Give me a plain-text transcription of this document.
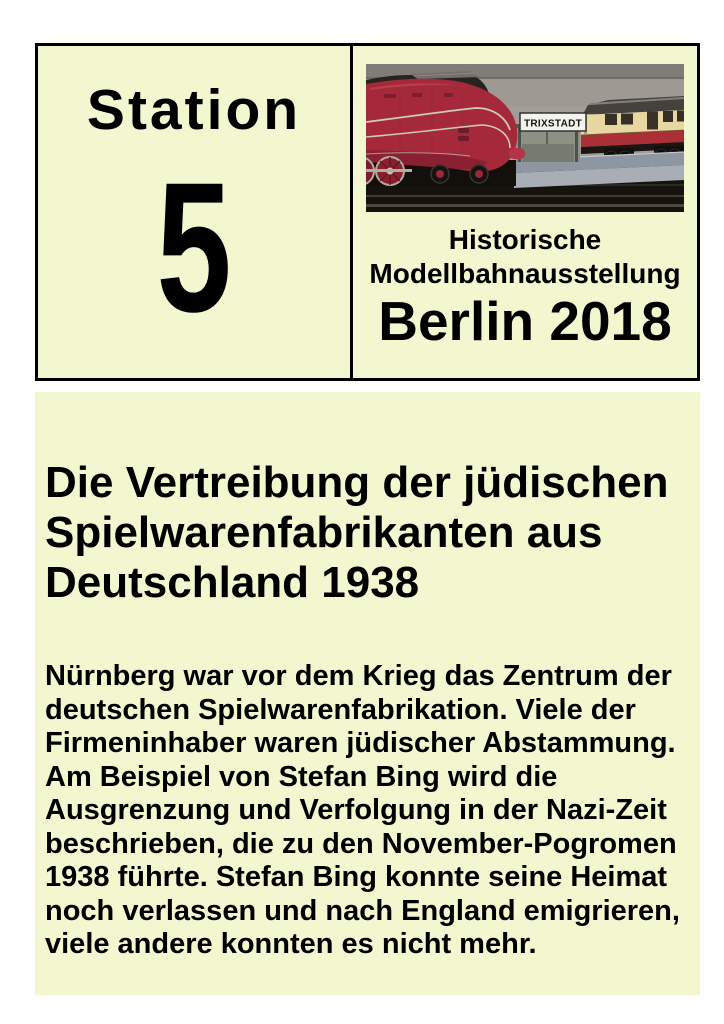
Station
5
TRIXSTADT
Historische
Modellbahnausstellung
Berlin 2018
Die Vertreibung der jüdischen
Spielwarenfabrikanten aus
Deutschland 1938
Nürnberg war vor dem Krieg das Zentrum der
deutschen Spielwarenfabrikation. Viele der
Firmeninhaber waren jüdischer Abstammung.
Am Beispiel von Stefan Bing wird die
Ausgrenzung und Verfolgung in der Nazi-Zeit
beschrieben, die zu den November-Pogromen
1938 führte. Stefan Bing konnte seine Heimat
noch verlassen und nach England emigrieren,
viele andere konnten es nicht mehr.
